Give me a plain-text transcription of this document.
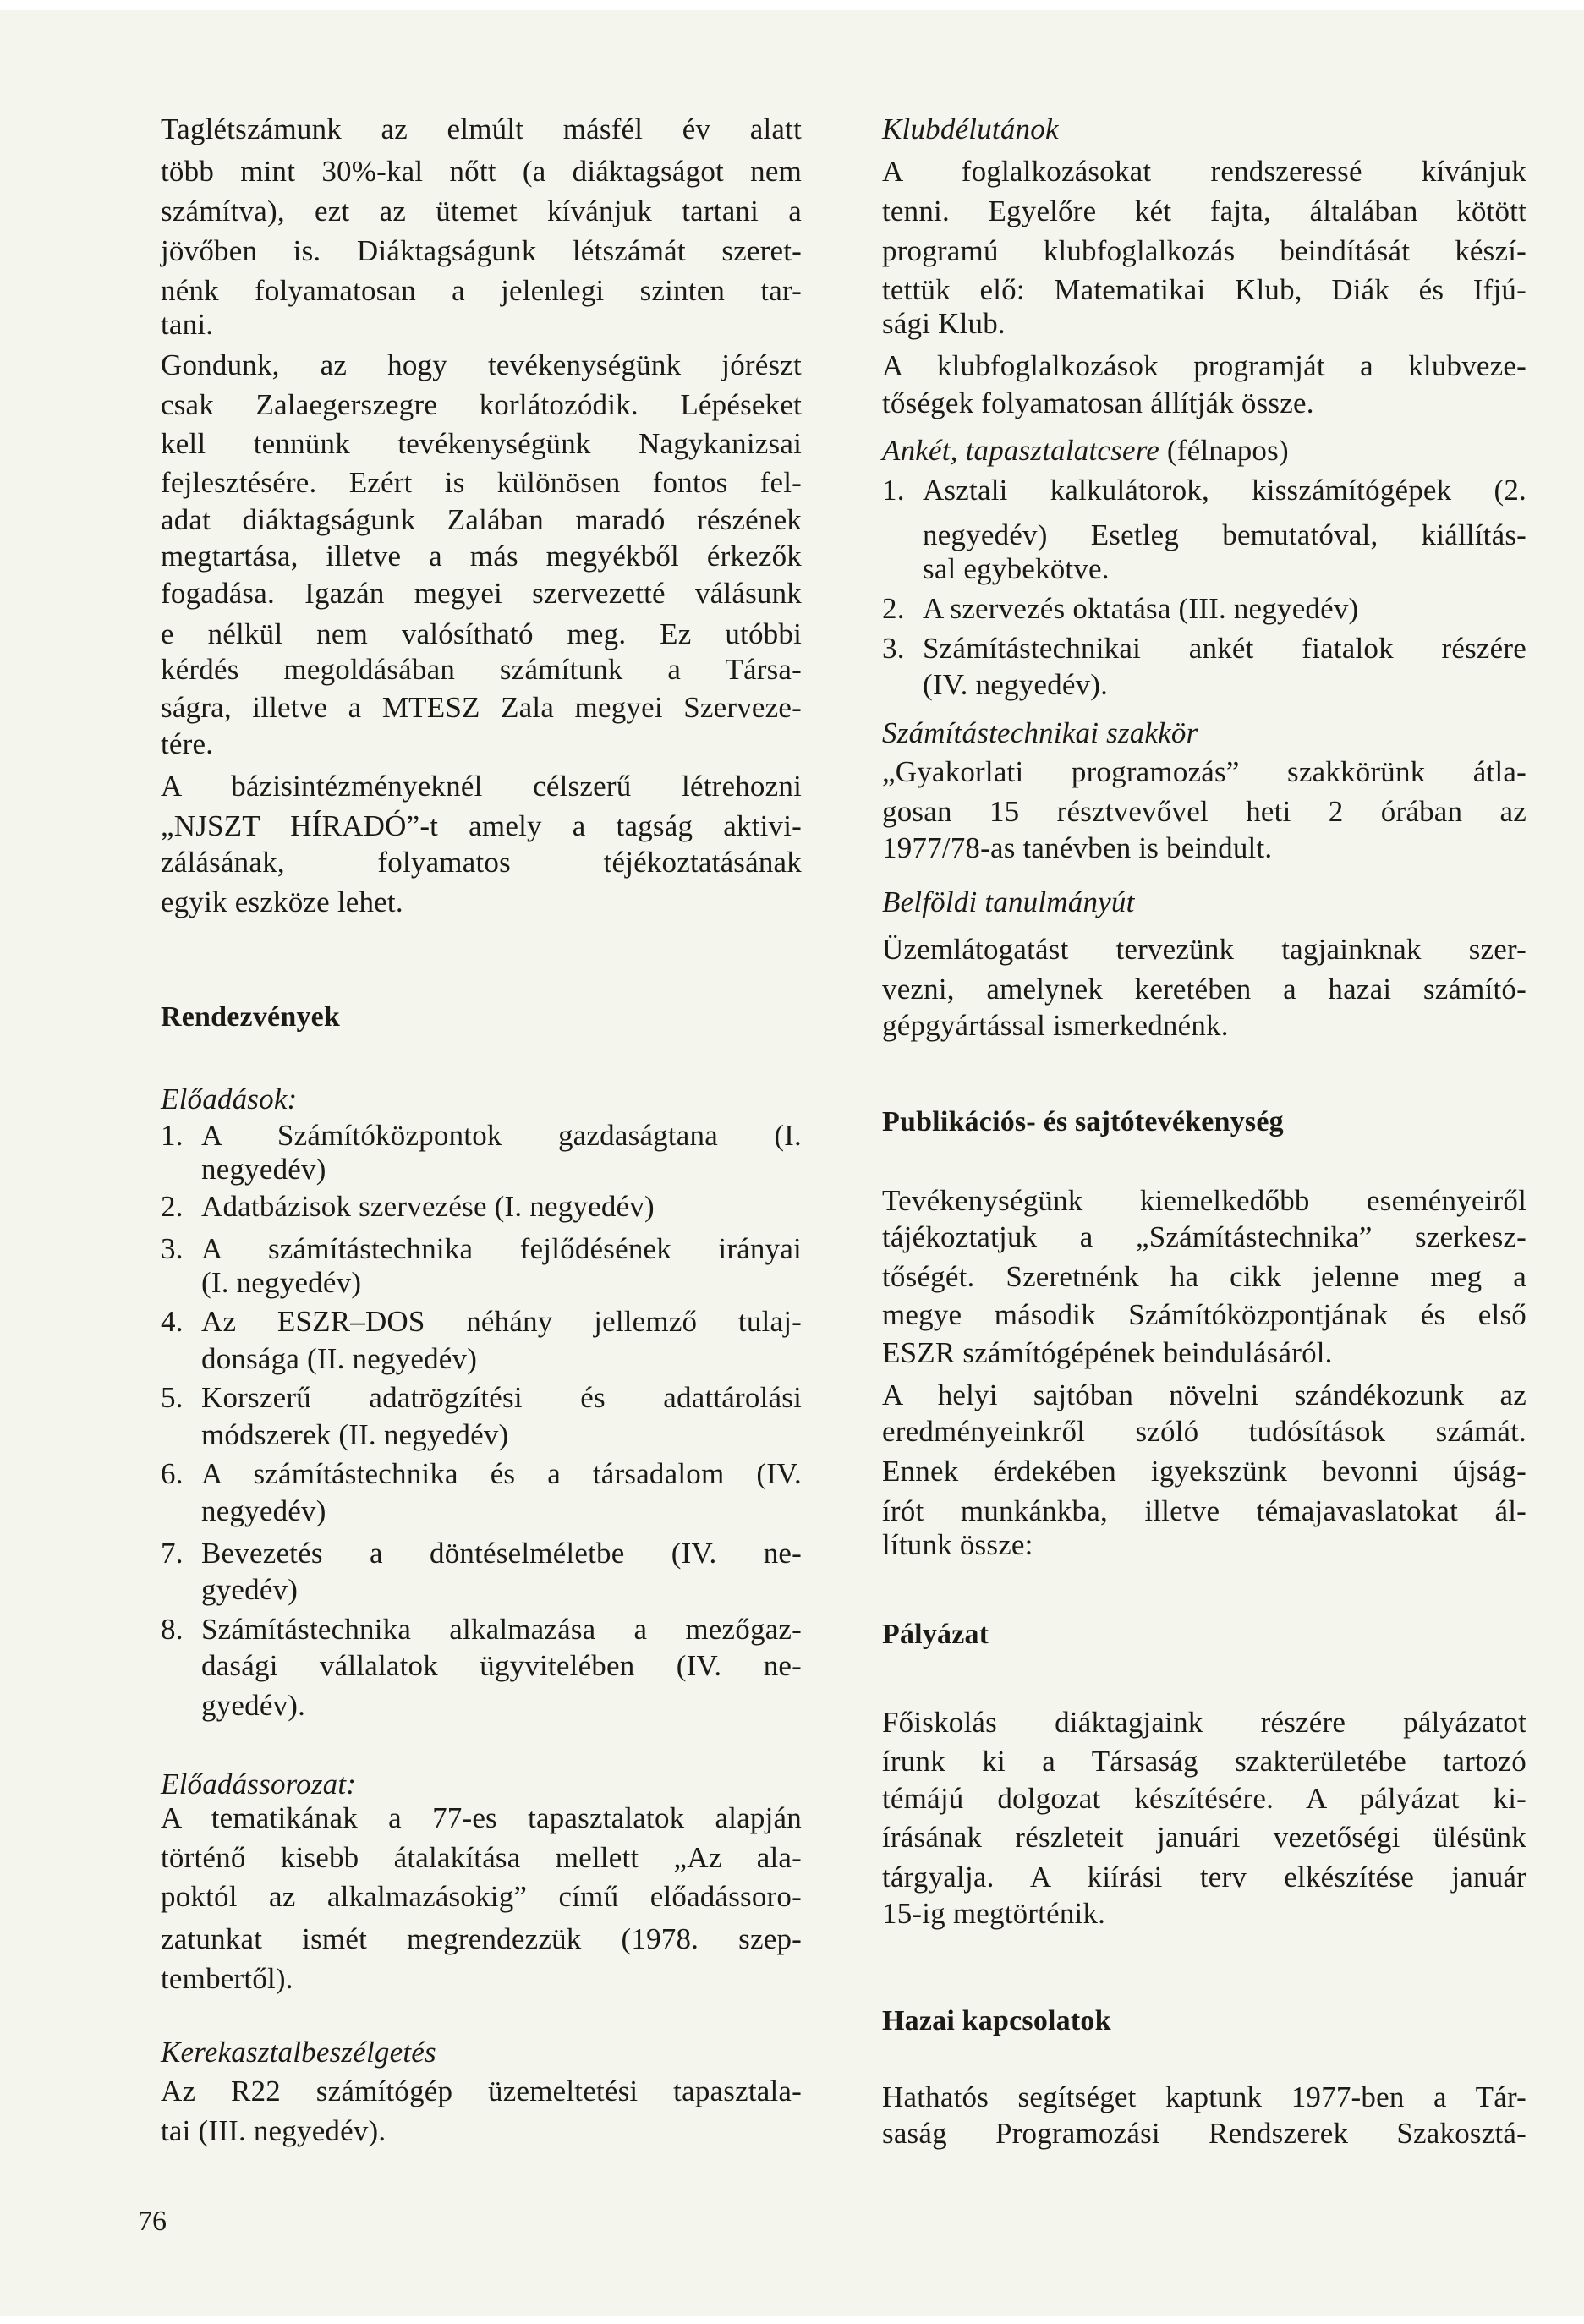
Taglétszámunk az elmúlt másfél év alatt
több mint 30%-kal nőtt (a diáktagságot nem
számítva), ezt az ütemet kívánjuk tartani a
jövőben is. Diáktagságunk létszámát szeret-
nénk folyamatosan a jelenlegi szinten tar-
tani.
Gondunk, az hogy tevékenységünk jórészt
csak Zalaegerszegre korlátozódik. Lépéseket
kell tennünk tevékenységünk Nagykanizsai
fejlesztésére. Ezért is különösen fontos fel-
adat diáktagságunk Zalában maradó részének
megtartása, illetve a más megyékből érkezők
fogadása. Igazán megyei szervezetté válásunk
e nélkül nem valósítható meg. Ez utóbbi
kérdés megoldásában számítunk a Társa-
ságra, illetve a MTESZ Zala megyei Szerveze-
tére.
A bázisintézményeknél célszerű létrehozni
„NJSZT HÍRADÓ”-t amely a tagság aktivi-
zálásának, folyamatos téjékoztatásának
egyik eszköze lehet.
Rendezvények
Előadások:
1. A Számítóközpontok gazdaságtana (I.
negyedév)
2. Adatbázisok szervezése (I. negyedév)
3. A számítástechnika fejlődésének irányai
(I. negyedév)
4. Az ESZR–DOS néhány jellemző tulaj-
donsága (II. negyedév)
5. Korszerű adatrögzítési és adattárolási
módszerek (II. negyedév)
6. A számítástechnika és a társadalom (IV.
negyedév)
7. Bevezetés a döntéselméletbe (IV. ne-
gyedév)
8. Számítástechnika alkalmazása a mezőgaz-
dasági vállalatok ügyvitelében (IV. ne-
gyedév).
Előadássorozat:
A tematikának a 77-es tapasztalatok alapján
történő kisebb átalakítása mellett „Az ala-
poktól az alkalmazásokig” című előadássoro-
zatunkat ismét megrendezzük (1978. szep-
tembertől).
Kerekasztalbeszélgetés
Az R22 számítógép üzemeltetési tapasztala-
tai (III. negyedév).
76
Klubdélutánok
A foglalkozásokat rendszeressé kívánjuk
tenni. Egyelőre két fajta, általában kötött
programú klubfoglalkozás beindítását készí-
tettük elő: Matematikai Klub, Diák és Ifjú-
sági Klub.
A klubfoglalkozások programját a klubveze-
tőségek folyamatosan állítják össze.
Ankét, tapasztalatcsere (félnapos)
1. Asztali kalkulátorok, kisszámítógépek (2.
negyedév) Esetleg bemutatóval, kiállítás-
sal egybekötve.
2. A szervezés oktatása (III. negyedév)
3. Számítástechnikai ankét fiatalok részére
(IV. negyedév).
Számítástechnikai szakkör
„Gyakorlati programozás” szakkörünk átla-
gosan 15 résztvevővel heti 2 órában az
1977/78-as tanévben is beindult.
Belföldi tanulmányút
Üzemlátogatást tervezünk tagjainknak szer-
vezni, amelynek keretében a hazai számító-
gépgyártással ismerkednénk.
Publikációs- és sajtótevékenység
Tevékenységünk kiemelkedőbb eseményeiről
tájékoztatjuk a „Számítástechnika” szerkesz-
tőségét. Szeretnénk ha cikk jelenne meg a
megye második Számítóközpontjának és első
ESZR számítógépének beindulásáról.
A helyi sajtóban növelni szándékozunk az
eredményeinkről szóló tudósítások számát.
Ennek érdekében igyekszünk bevonni újság-
írót munkánkba, illetve témajavaslatokat ál-
lítunk össze:
Pályázat
Főiskolás diáktagjaink részére pályázatot
írunk ki a Társaság szakterületébe tartozó
témájú dolgozat készítésére. A pályázat ki-
írásának részleteit januári vezetőségi ülésünk
tárgyalja. A kiírási terv elkészítése január
15-ig megtörténik.
Hazai kapcsolatok
Hathatós segítséget kaptunk 1977-ben a Tár-
saság Programozási Rendszerek Szakosztá-
